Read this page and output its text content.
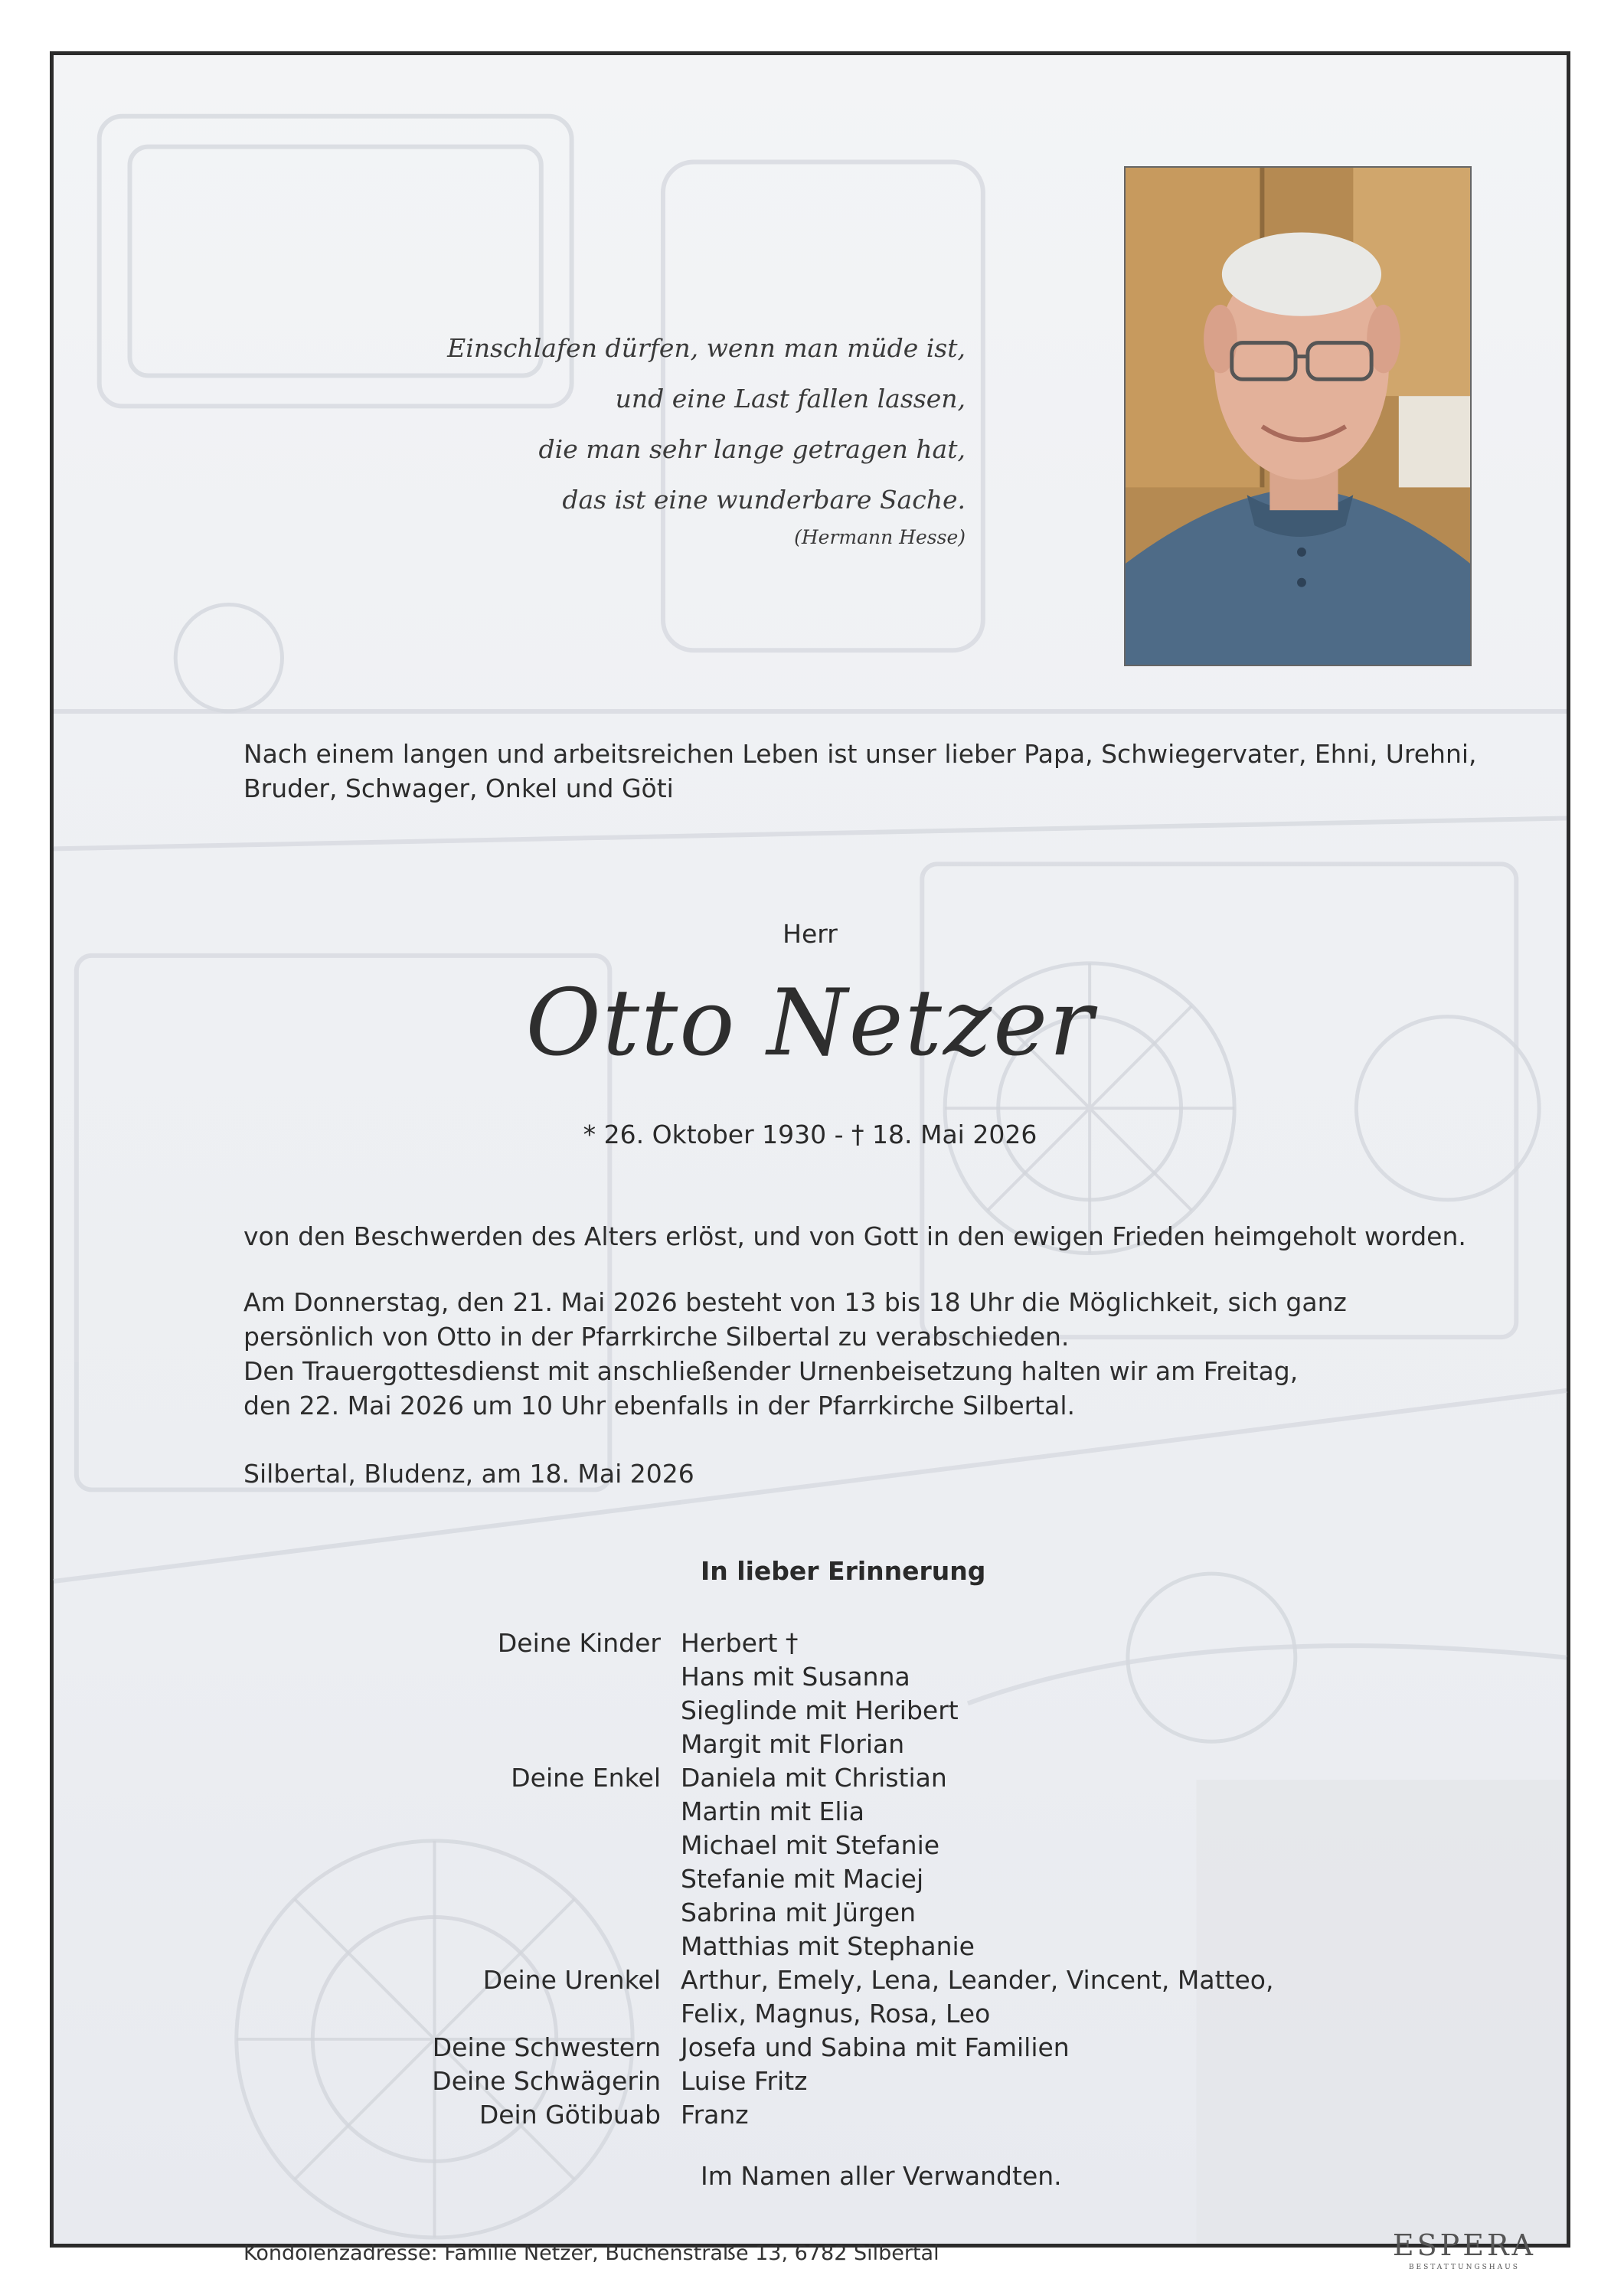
Einschlafen dürfen, wenn man müde ist,
und eine Last fallen lassen,
die man sehr lange getragen hat,
das ist eine wunderbare Sache.
(Hermann Hesse)
Nach einem langen und arbeitsreichen Leben ist unser lieber Papa, Schwiegervater, Ehni, Urehni, Bruder, Schwager, Onkel und Göti
Herr
Otto Netzer
* 26. Oktober 1930 - † 18. Mai 2026
von den Beschwerden des Alters erlöst, und von Gott in den ewigen Frieden heimgeholt worden.
Am Donnerstag, den 21. Mai 2026 besteht von 13 bis 18 Uhr die Möglichkeit, sich ganz
persönlich von Otto in der Pfarrkirche Silbertal zu verabschieden.
Den Trauergottesdienst mit anschließender Urnenbeisetzung halten wir am Freitag,
den 22. Mai 2026 um 10 Uhr ebenfalls in der Pfarrkirche Silbertal.
Silbertal, Bludenz, am 18. Mai 2026
In lieber Erinnerung
Deine Kinder Herbert †
Hans mit Susanna
Sieglinde mit Heribert
Margit mit Florian
Deine Enkel Daniela mit Christian
Martin mit Elia
Michael mit Stefanie
Stefanie mit Maciej
Sabrina mit Jürgen
Matthias mit Stephanie
Deine Urenkel Arthur, Emely, Lena, Leander, Vincent, Matteo,
Felix, Magnus, Rosa, Leo
Deine Schwestern Josefa und Sabina mit Familien
Deine Schwägerin Luise Fritz
Dein Götibuab Franz
Im Namen aller Verwandten.
Kondolenzadresse: Familie Netzer, Buchenstraße 13, 6782 Silbertal	ESPERA
BESTATTUNGSHAUS
